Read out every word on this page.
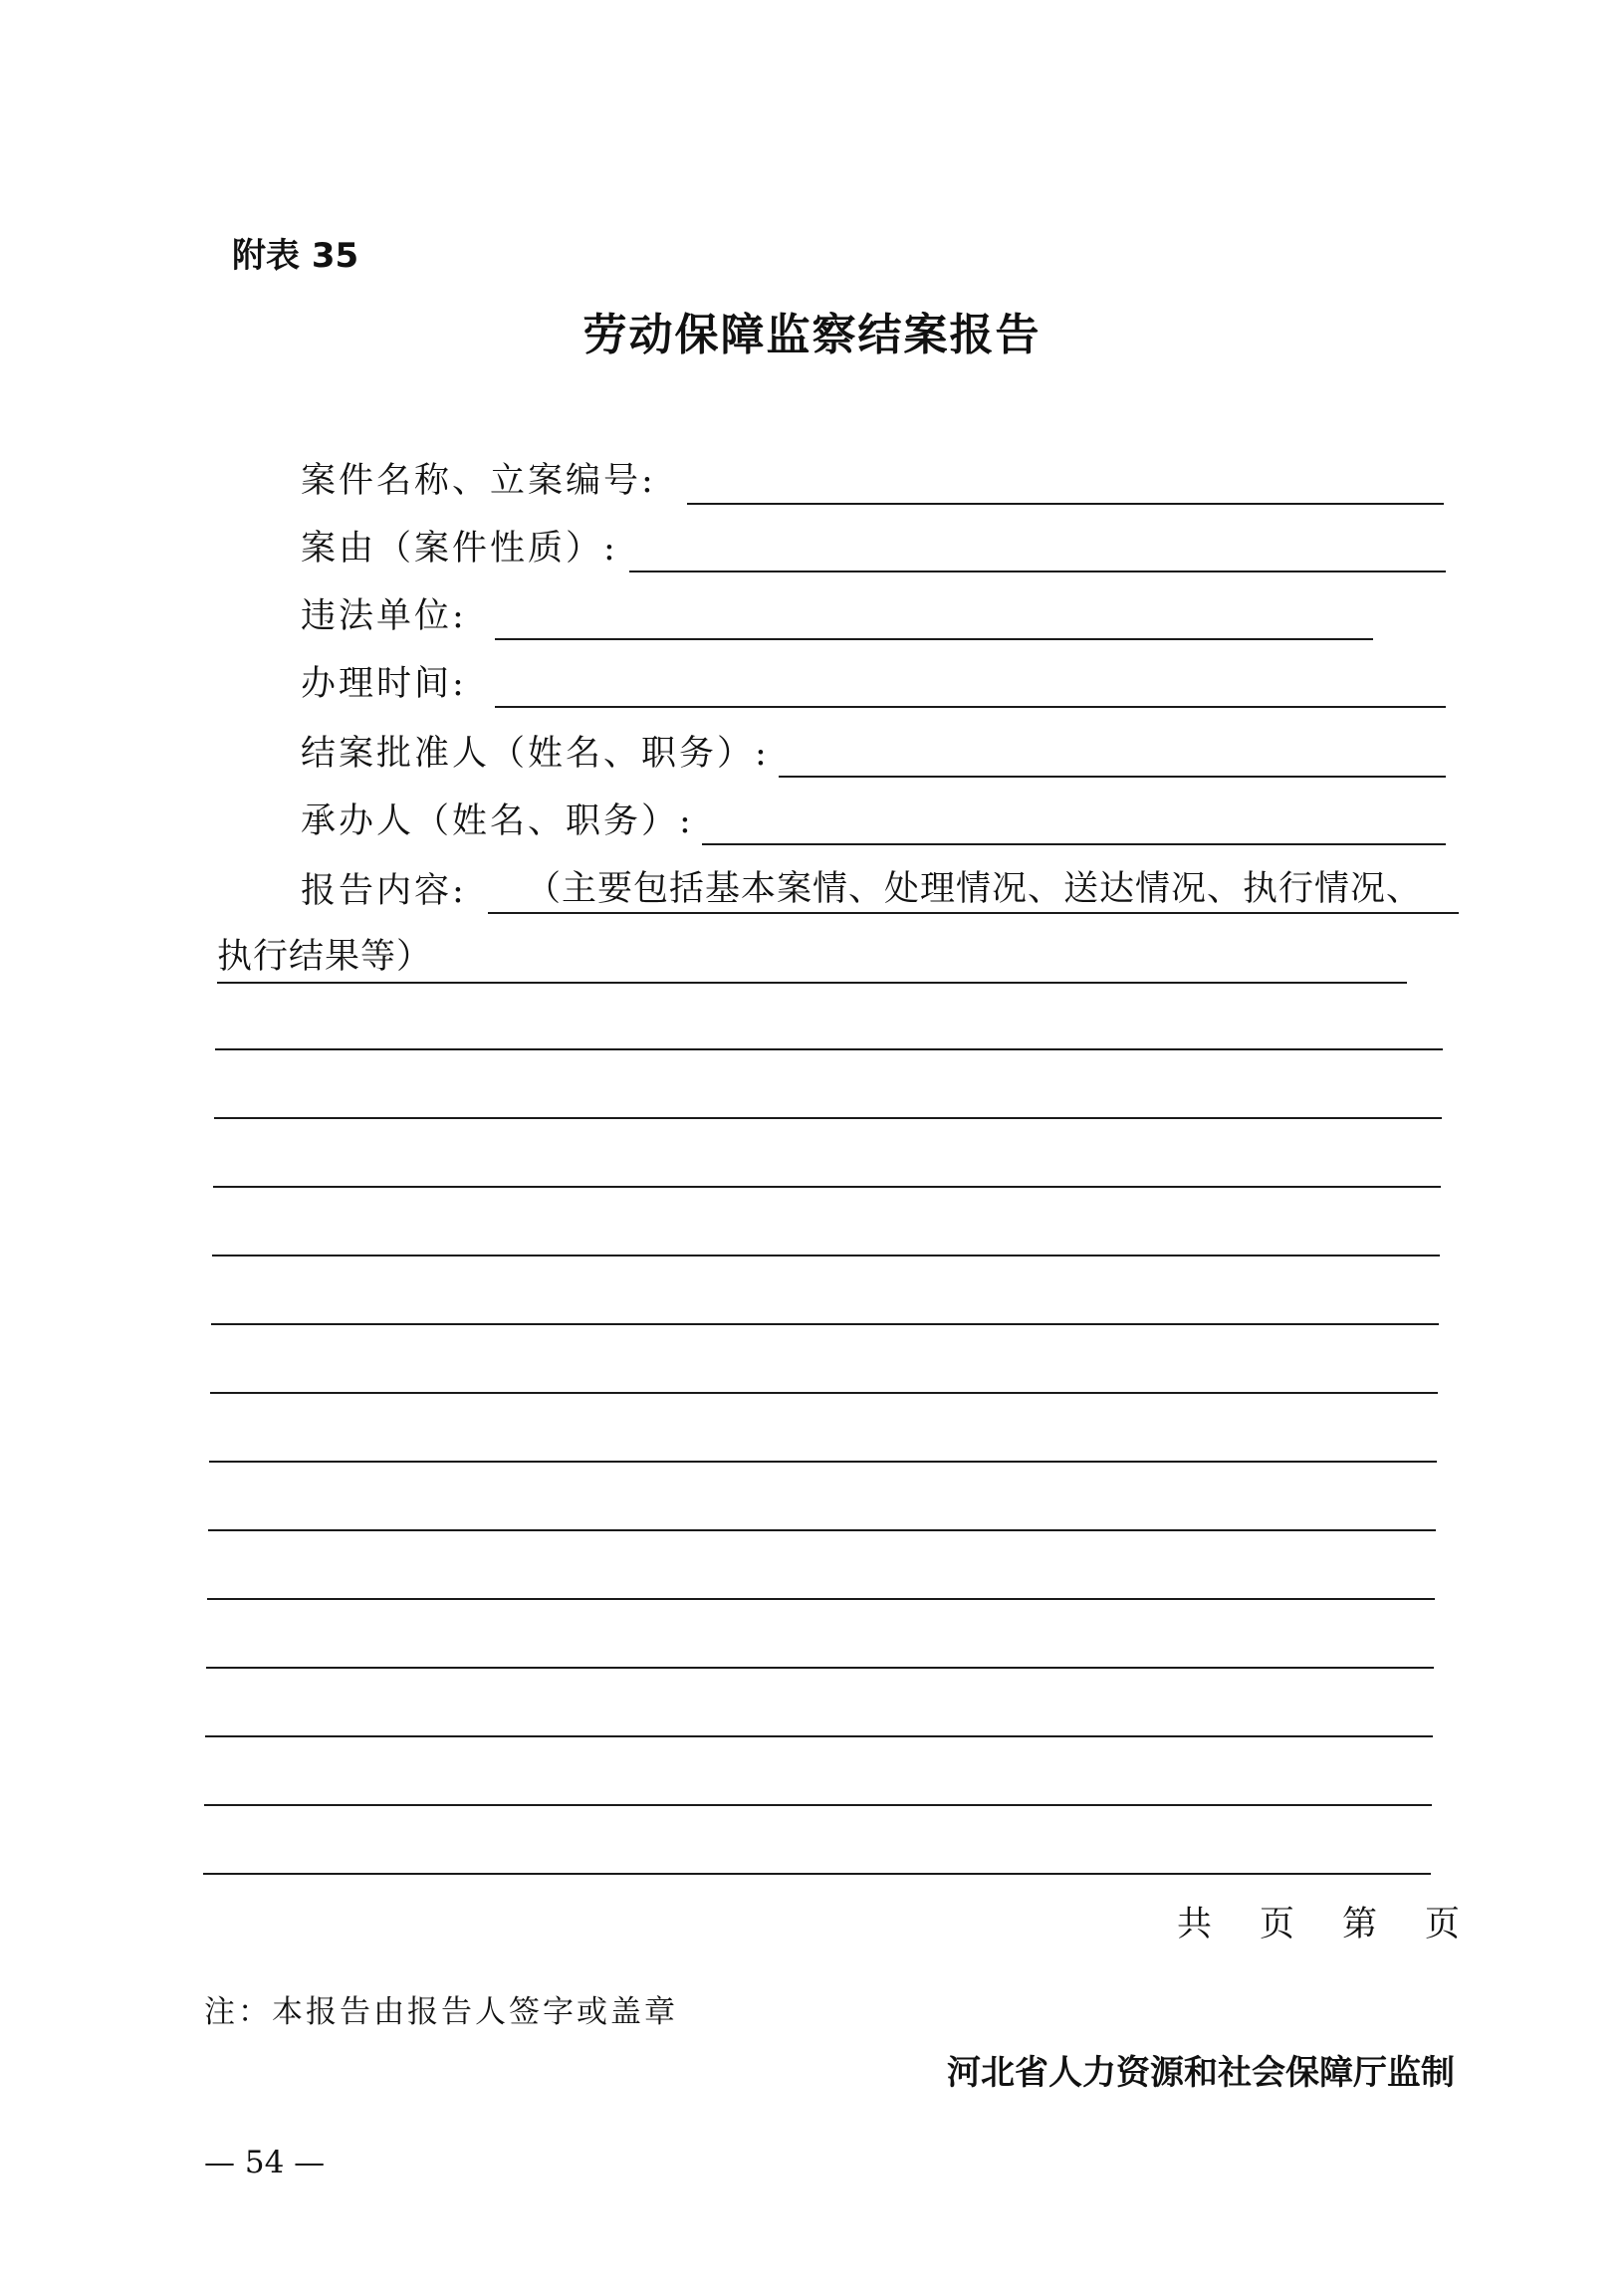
附表 35
劳动保障监察结案报告
案件名称、立案编号:
案由（案件性质）:
违法单位:
办理时间:
结案批准人（姓名、职务）:
承办人（姓名、职务）:
报告内容: （主要包括基本案情、处理情况、送达情况、执行情况、
执行结果等）
共 页 第 页
注：本报告由报告人签字或盖章
河北省人力资源和社会保障厅监制
— 54 —
